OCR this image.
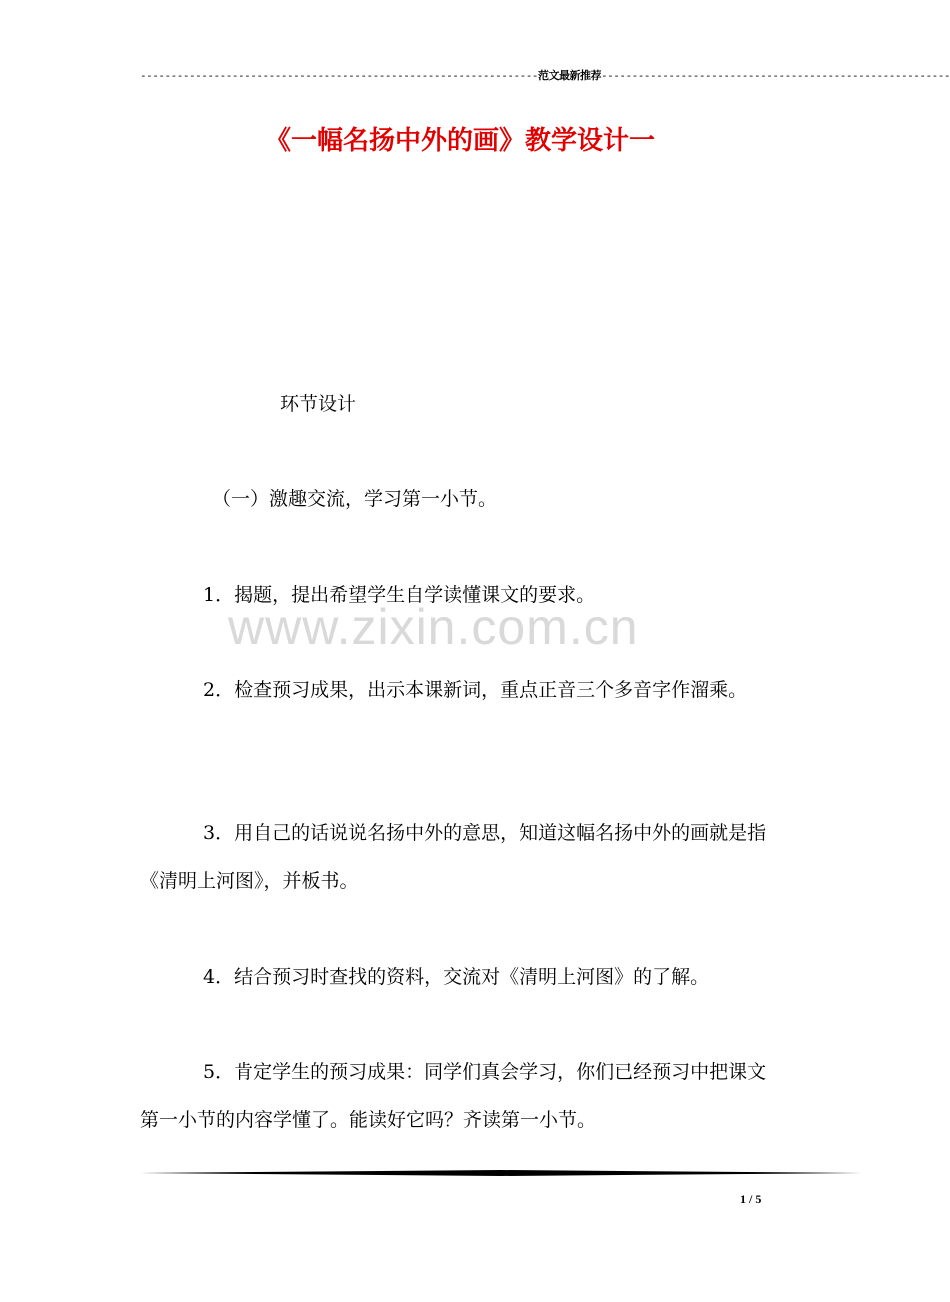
-----------------------------------------------------------------范文最新推荐---------------------------------------------------------
《一幅名扬中外的画》教学设计一
环节设计
（一）激趣交流，学习第一小节。
1．揭题，提出希望学生自学读懂课文的要求。
2．检查预习成果，出示本课新词，重点正音三个多音字作溜乘。
3．用自己的话说说名扬中外的意思，知道这幅名扬中外的画就是指《清明上河图》，并板书。
4．结合预习时查找的资料，交流对《清明上河图》的了解。
5．肯定学生的预习成果：同学们真会学习，你们已经预习中把课文第一小节的内容学懂了。能读好它吗？齐读第一小节。
www.zixin.com.cn
1 / 5
